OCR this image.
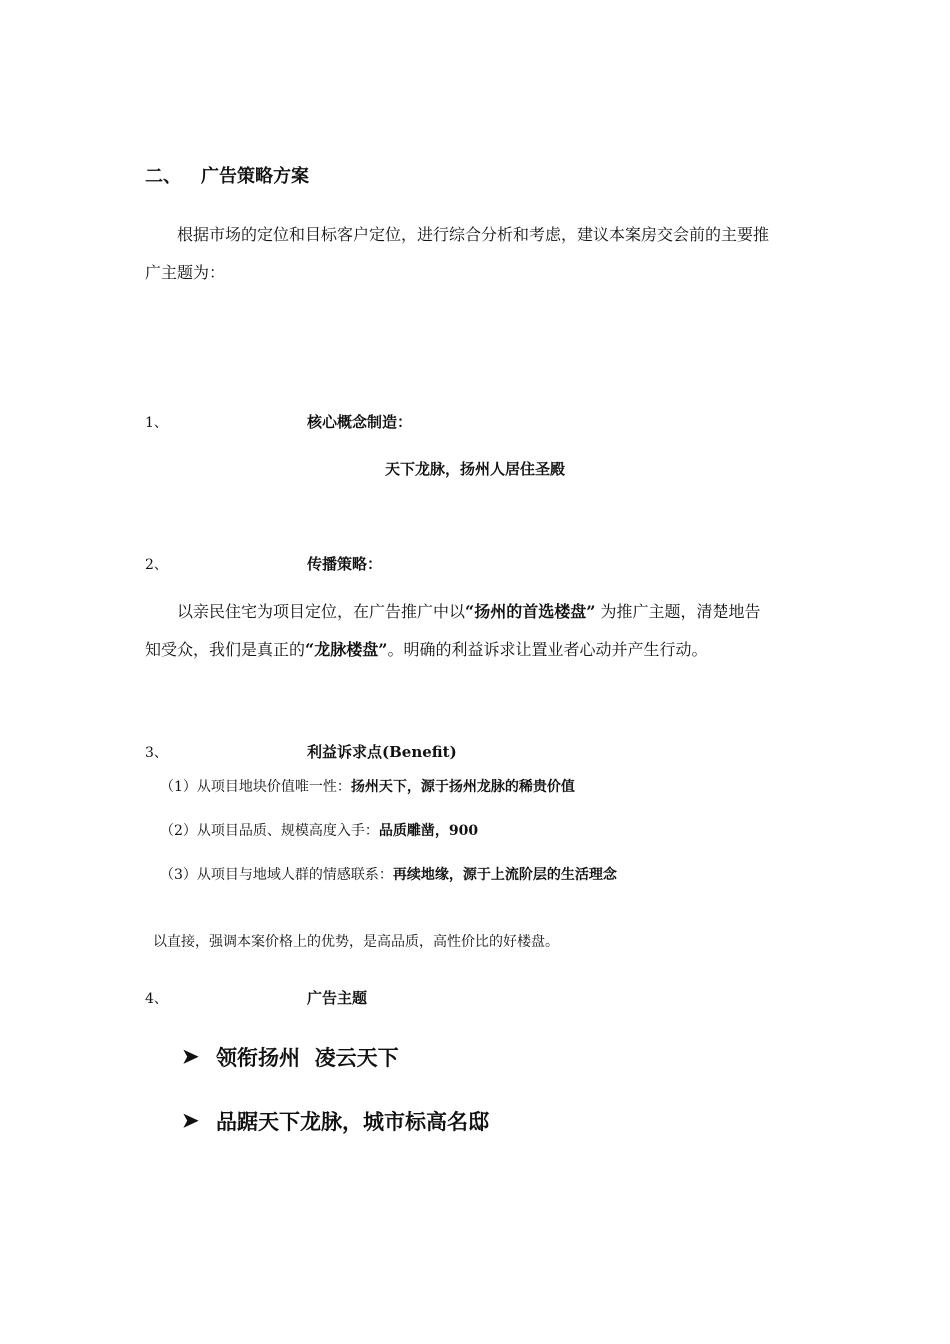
二、 广告策略方案
根据市场的定位和目标客户定位，进行综合分析和考虑，建议本案房交会前的主要推
广主题为：
1、	核心概念制造：
天下龙脉，扬州人居住圣殿
2、	传播策略：
以亲民住宅为项目定位，在广告推广中以“扬州的首选楼盘” 为推广主题，清楚地告
知受众，我们是真正的“龙脉楼盘”。明确的利益诉求让置业者心动并产生行动。
3、	利益诉求点(Benefit)
（1）从项目地块价值唯一性：扬州天下，源于扬州龙脉的稀贵价值
（2）从项目品质、规模高度入手：品质雕凿，900
（3）从项目与地域人群的情感联系：再续地缘，源于上流阶层的生活理念
以直接，强调本案价格上的优势，是高品质，高性价比的好楼盘。
4、	广告主题
➤ 领衔扬州  凌云天下
➤ 品踞天下龙脉，城市标高名邸
